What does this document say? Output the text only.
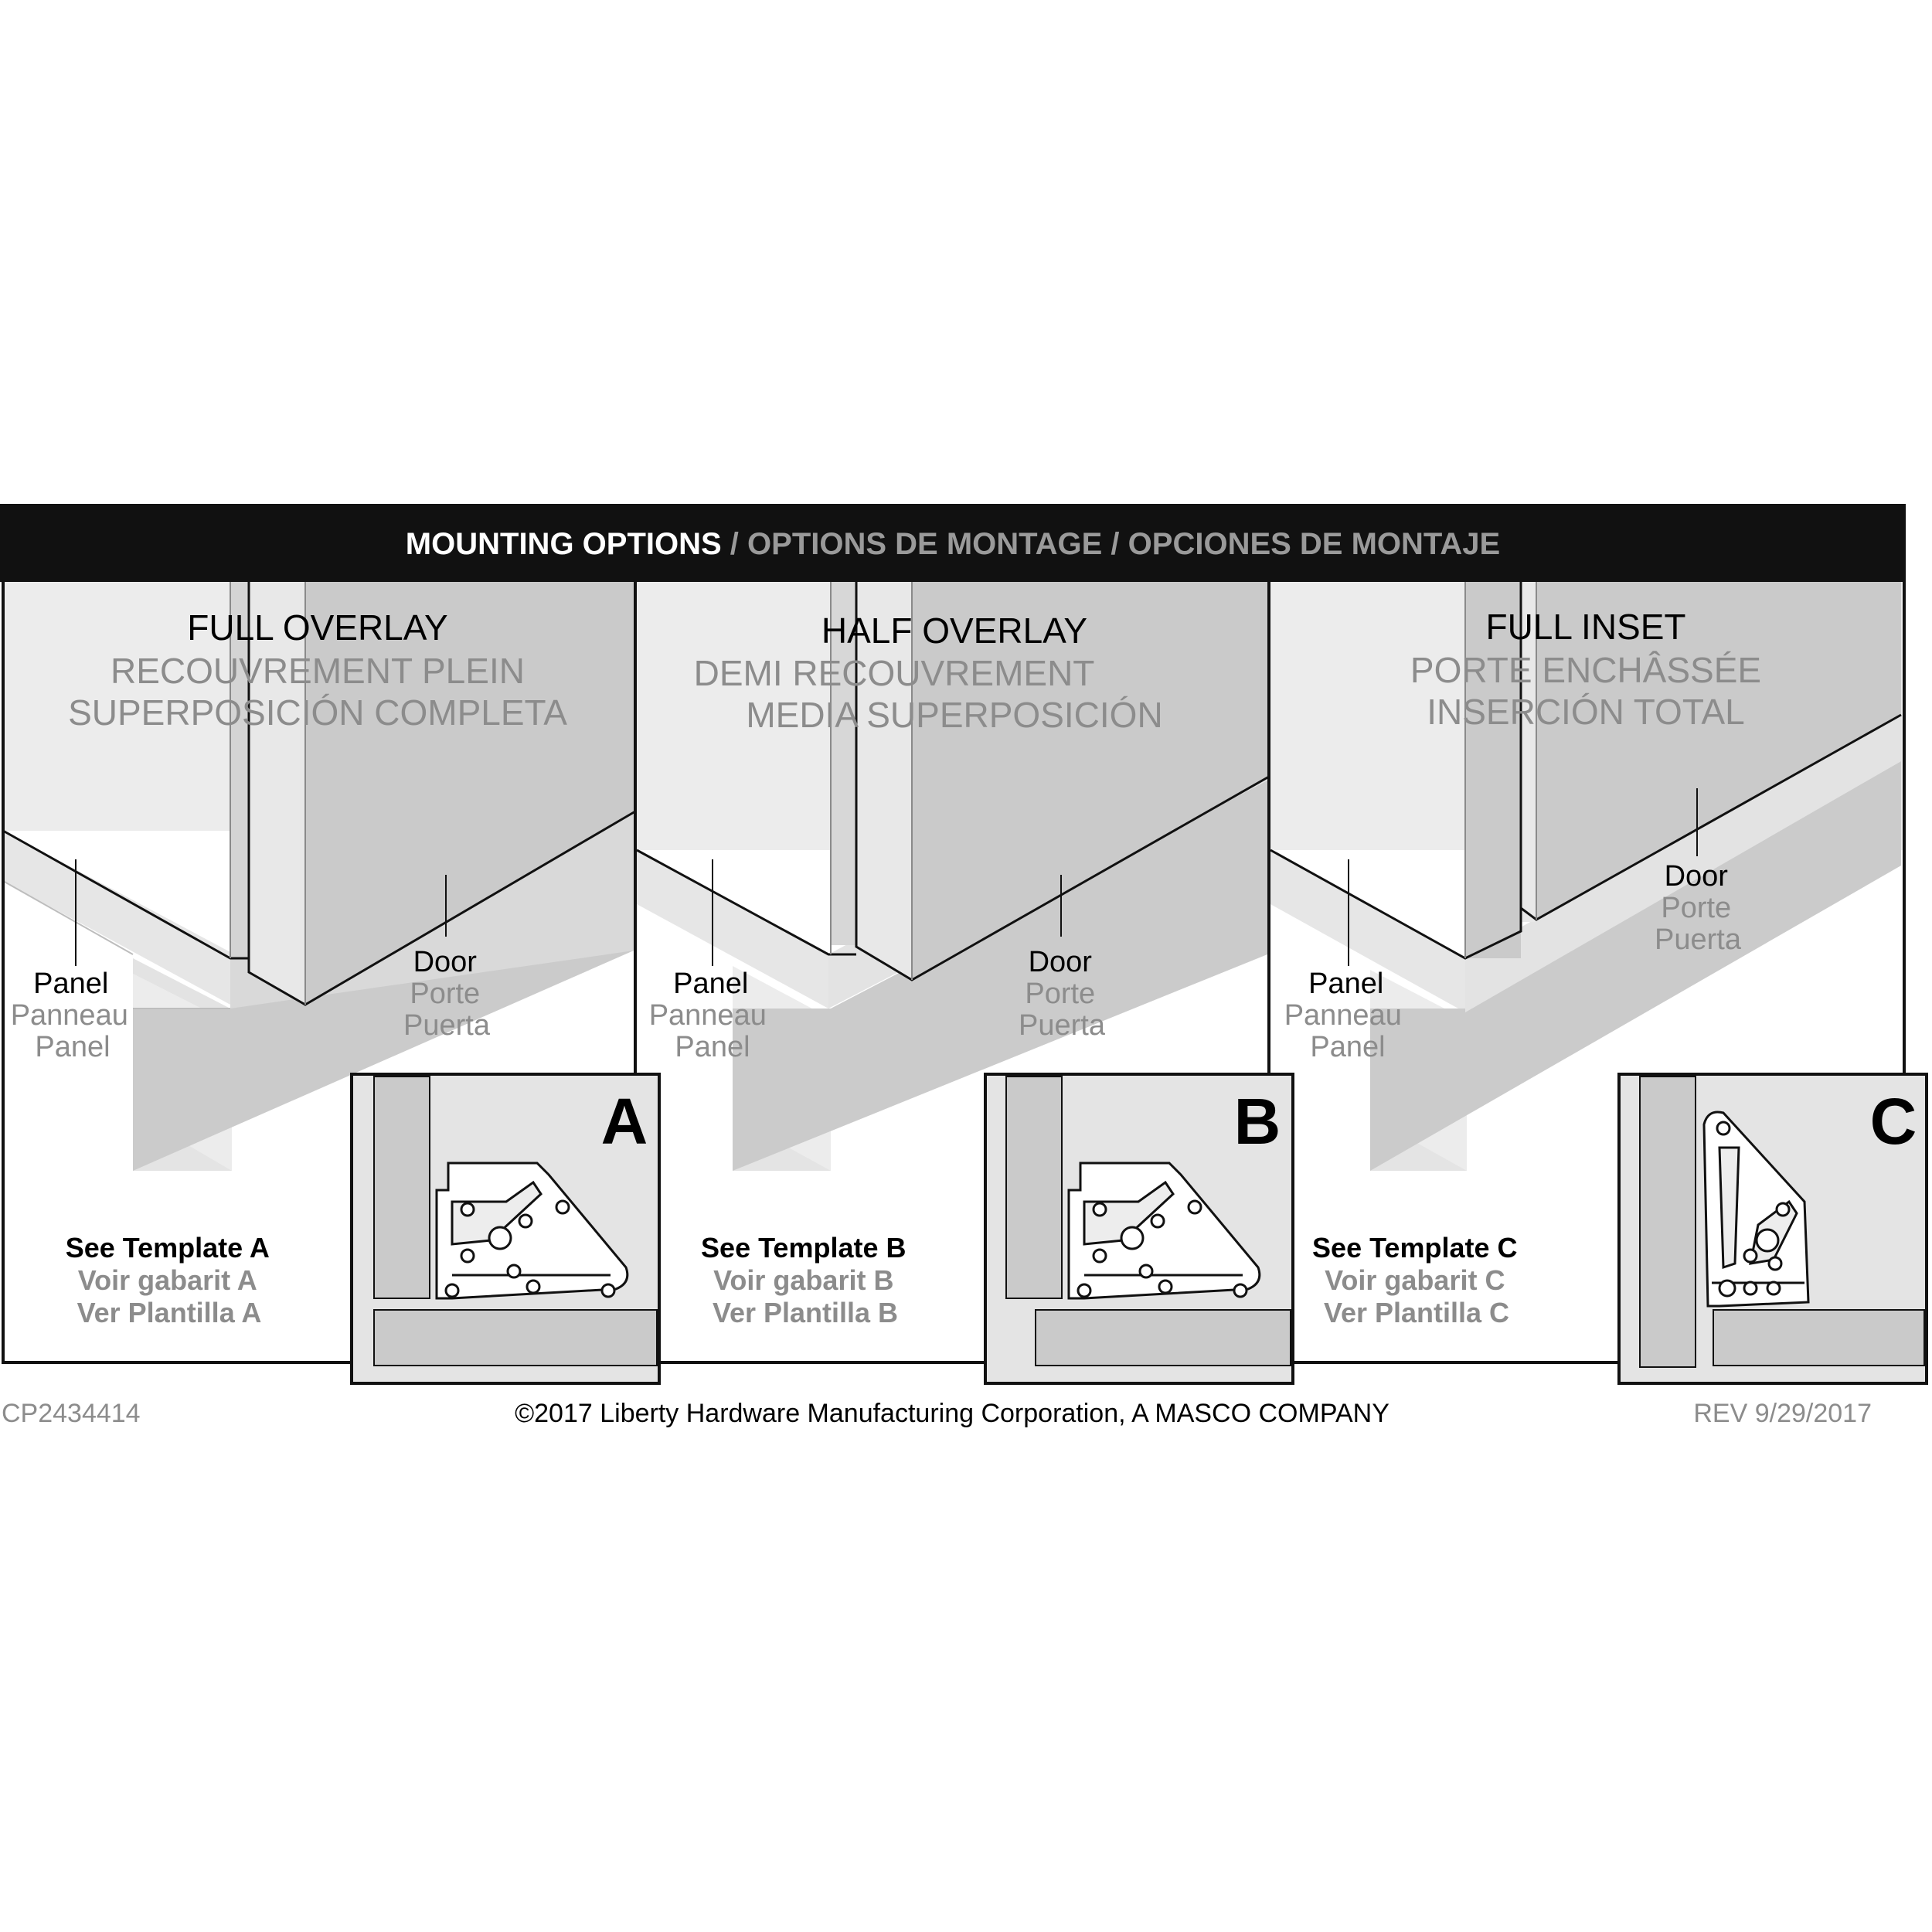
MOUNTING OPTIONS / OPTIONS DE MONTAGE / OPCIONES DE MONTAJE
FULL OVERLAY
RECOUVREMENT PLEIN
SUPERPOSICIÓN COMPLETA
Panel Panneau Panel
Door Porte Puerta
See Template A Voir gabarit A Ver Plantilla A
HALF OVERLAY
DEMI RECOUVREMENT
MEDIA SUPERPOSICIÓN
Panel Panneau Panel
Door Porte Puerta
See Template B Voir gabarit B Ver Plantilla B
FULL INSET
PORTE ENCHÂSSÉE
INSERCIÓN TOTAL
Panel Panneau Panel
Door Porte Puerta
See Template C Voir gabarit C Ver Plantilla C
A	B	C
CP2434414	©2017 Liberty Hardware Manufacturing Corporation, A MASCO COMPANY	REV 9/29/2017
